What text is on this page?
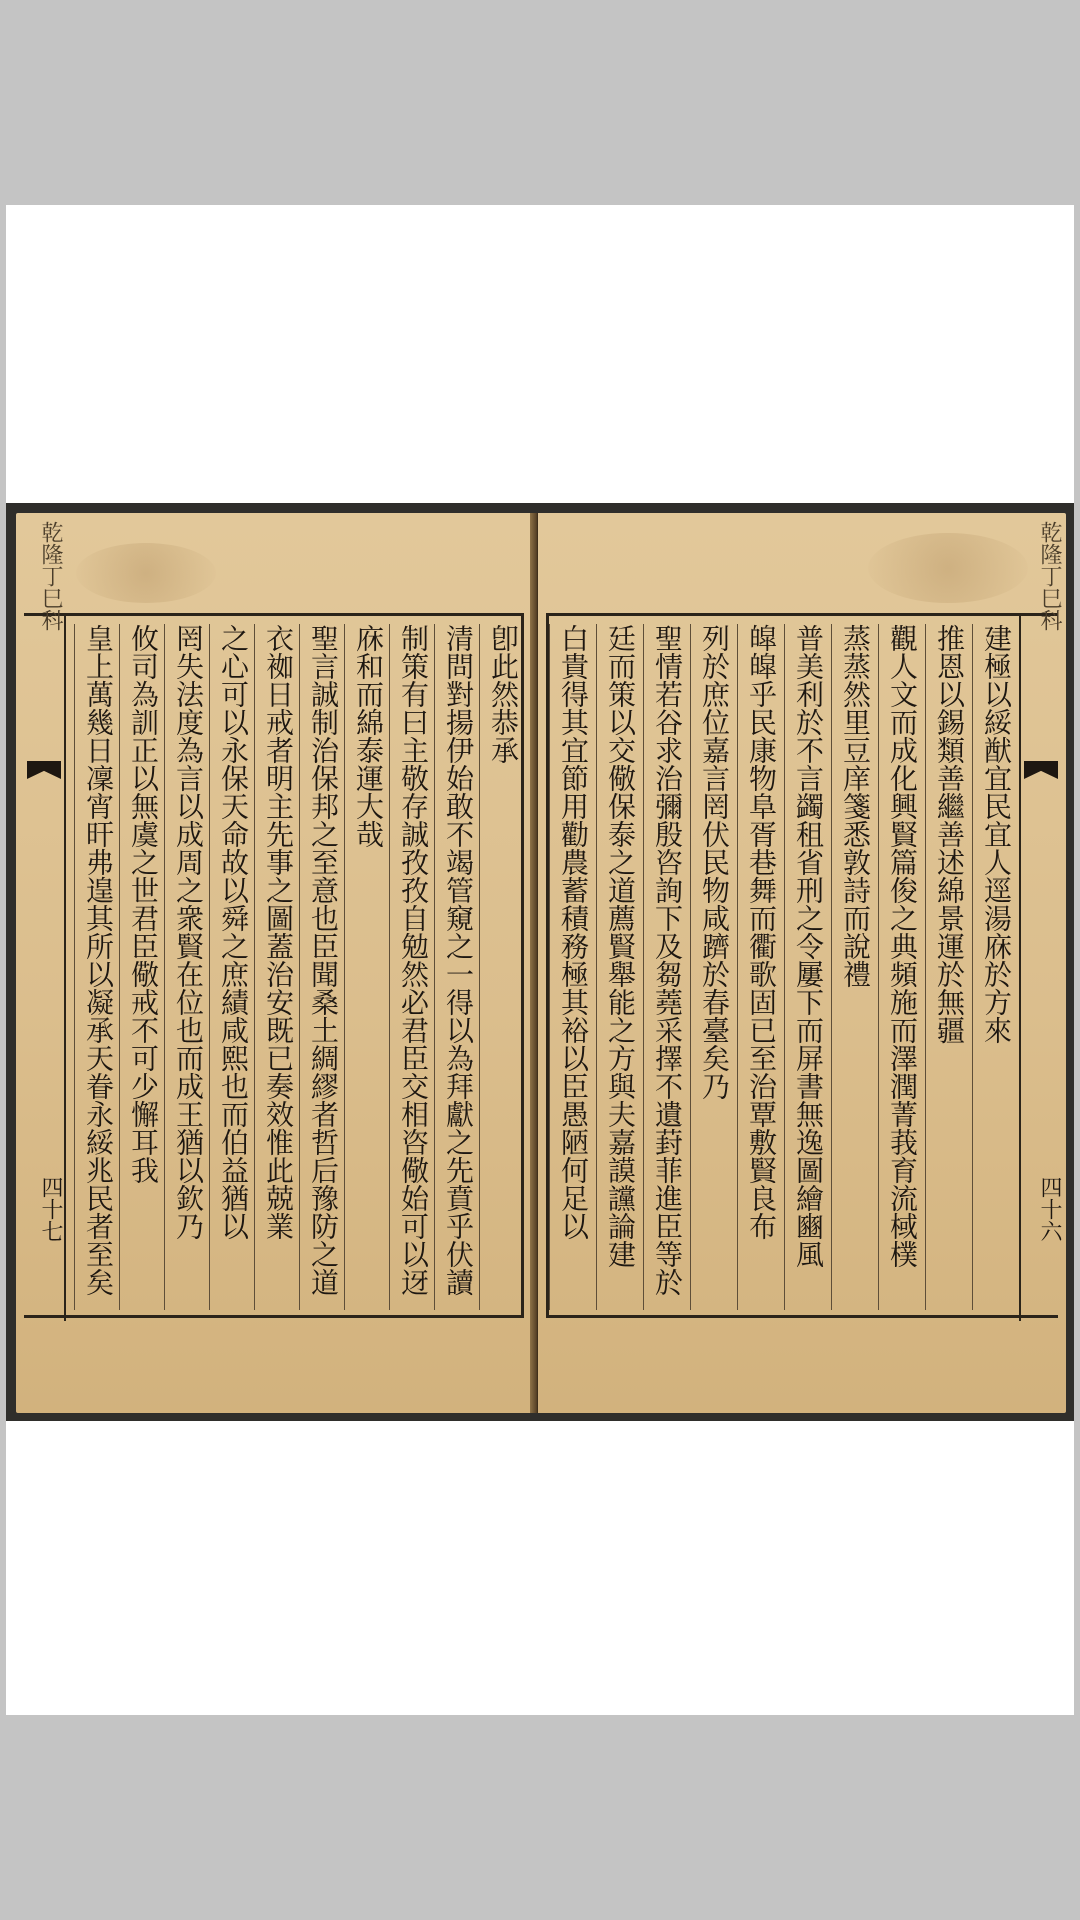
卽此然恭承
清問對揚伊始敢不竭管窺之一得以為拜獻之先賁乎伏讀
制策有曰主敬存誠孜孜自勉然必君臣交相咨儆始可以迓
庥和而綿泰運大哉
聖言誠制治保邦之至意也臣聞桑土綢繆者哲后豫防之道
衣袽日戒者明主先事之圖蓋治安既已奏效惟此兢業
之心可以永保天命故以舜之庶績咸熙也而伯益猶以
罔失法度為言以成周之衆賢在位也而成王猶以欽乃
攸司為訓正以無虞之世君臣儆戒不可少懈耳我
皇上萬幾日凜宵旰弗遑其所以凝承天眷永綏兆民者至矣
乾隆丁巳科
四十七
乾隆丁巳科
四十六
建極以綏猷宜民宜人逕湯庥於方來
推恩以錫類善繼善述綿景運於無疆
觀人文而成化興賢篇俊之典頻施而澤潤菁莪育流棫樸
蒸蒸然里豆庠箋悉敦詩而說禮
普美利於不言蠲租省刑之令屢下而屏書無逸圖繪豳風
皡皡乎民康物阜胥巷舞而衢歌固已至治覃敷賢良布
列於庶位嘉言罔伏民物咸躋於春臺矣乃
聖情若谷求治彌殷咨詢下及芻蕘采擇不遺葑菲進臣等於
廷而策以交儆保泰之道薦賢舉能之方與夫嘉謨讜論建
白貴得其宜節用勸農蓄積務極其裕以臣愚陋何足以
